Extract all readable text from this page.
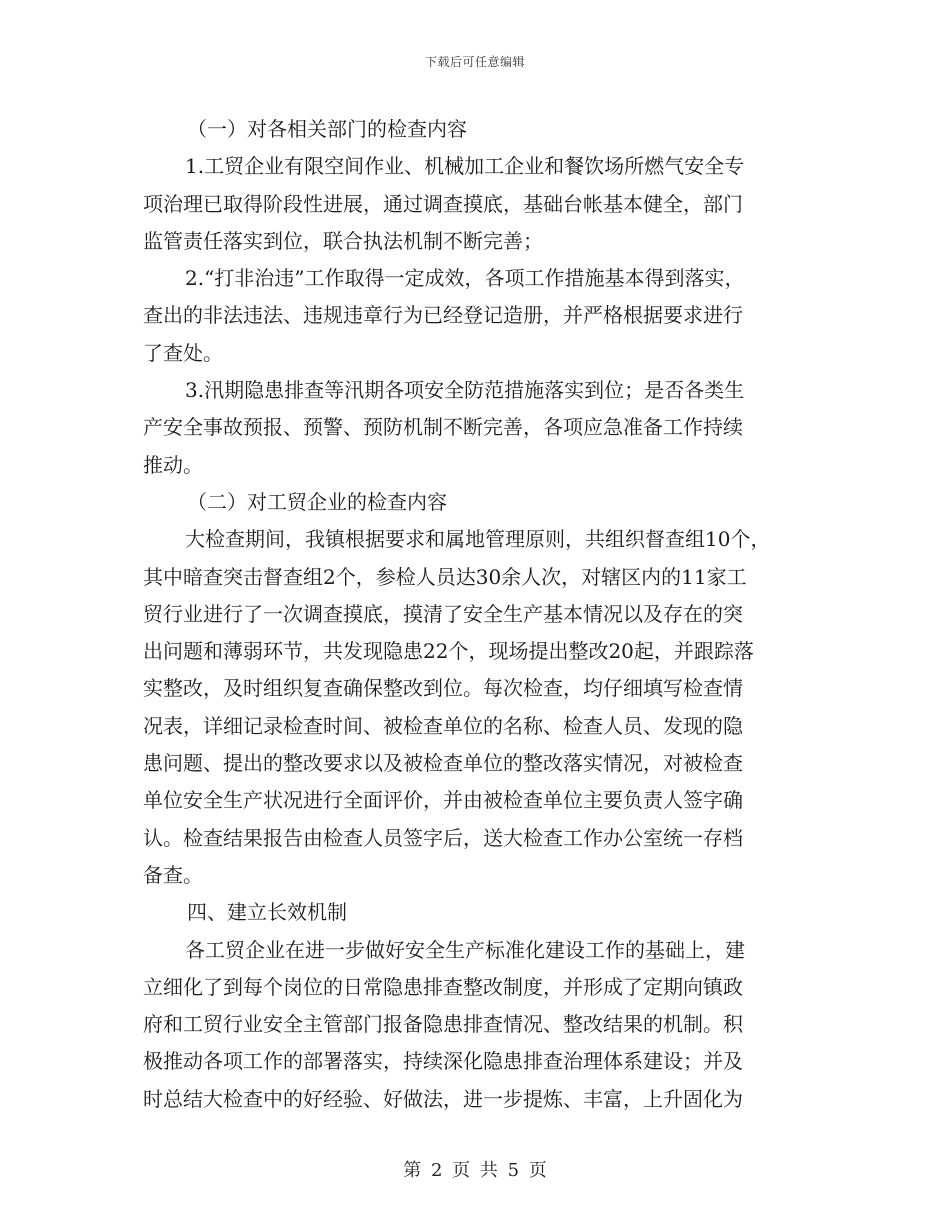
下载后可任意编辑
（一）对各相关部门的检查内容
1.工贸企业有限空间作业、机械加工企业和餐饮场所燃气安全专
项治理已取得阶段性进展，通过调查摸底，基础台帐基本健全，部门
监管责任落实到位，联合执法机制不断完善；
2.“打非治违”工作取得一定成效，各项工作措施基本得到落实，
查出的非法违法、违规违章行为已经登记造册，并严格根据要求进行
了查处。
3.汛期隐患排查等汛期各项安全防范措施落实到位；是否各类生
产安全事故预报、预警、预防机制不断完善，各项应急准备工作持续
推动。
（二）对工贸企业的检查内容
大检查期间，我镇根据要求和属地管理原则，共组织督查组10个，
其中暗查突击督查组2个，参检人员达30余人次，对辖区内的11家工
贸行业进行了一次调查摸底，摸清了安全生产基本情况以及存在的突
出问题和薄弱环节，共发现隐患22个，现场提出整改20起，并跟踪落
实整改，及时组织复查确保整改到位。每次检查，均仔细填写检查情
况表，详细记录检查时间、被检查单位的名称、检查人员、发现的隐
患问题、提出的整改要求以及被检查单位的整改落实情况，对被检查
单位安全生产状况进行全面评价，并由被检查单位主要负责人签字确
认。检查结果报告由检查人员签字后，送大检查工作办公室统一存档
备查。
四、建立长效机制
各工贸企业在进一步做好安全生产标准化建设工作的基础上，建
立细化了到每个岗位的日常隐患排查整改制度，并形成了定期向镇政
府和工贸行业安全主管部门报备隐患排查情况、整改结果的机制。积
极推动各项工作的部署落实，持续深化隐患排查治理体系建设；并及
时总结大检查中的好经验、好做法，进一步提炼、丰富，上升固化为
第 2 页 共 5 页
